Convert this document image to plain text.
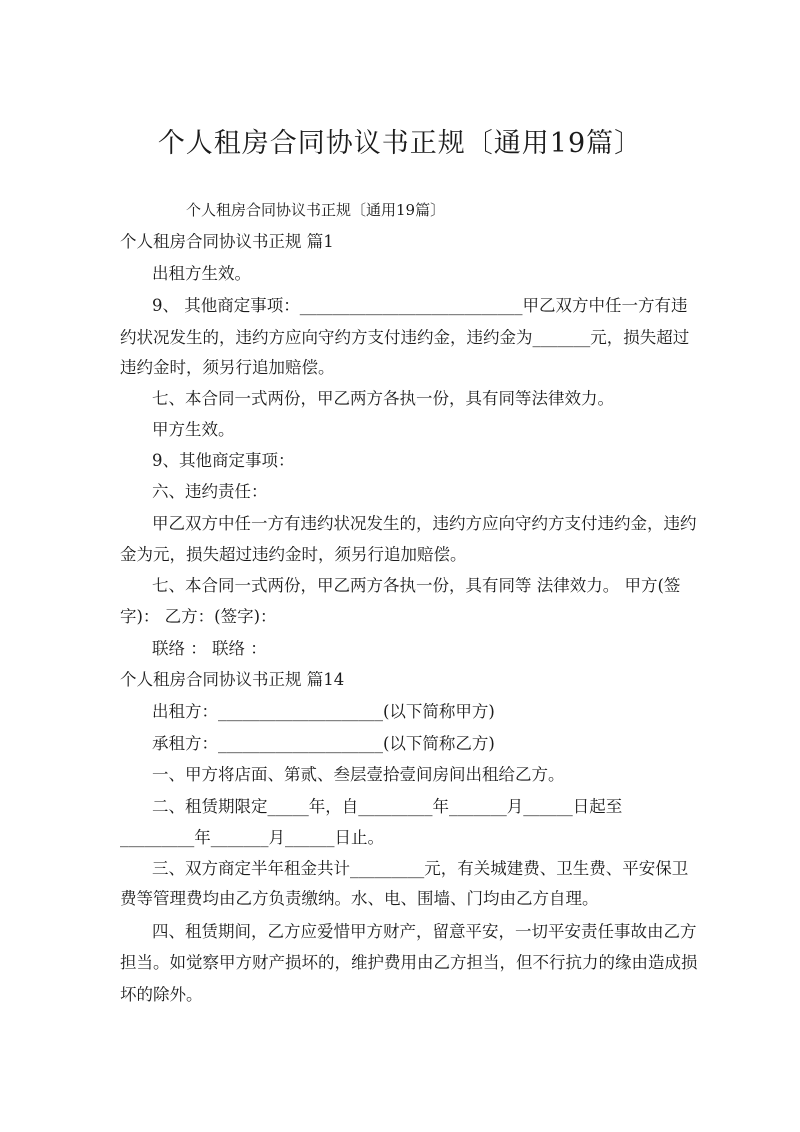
个人租房合同协议书正规〔通用19篇〕
个人租房合同协议书正规〔通用19篇〕
个人租房合同协议书正规 篇1
出租方生效。
9、 其他商定事项：___________________________甲乙双方中任一方有违
约状况发生的，违约方应向守约方支付违约金，违约金为_______元，损失超过
违约金时，须另行追加赔偿。
七、本合同一式两份，甲乙两方各执一份，具有同等法律效力。
甲方生效。
9、其他商定事项：
六、违约责任：
甲乙双方中任一方有违约状况发生的，违约方应向守约方支付违约金，违约
金为元，损失超过违约金时，须另行追加赔偿。
七、本合同一式两份，甲乙两方各执一份，具有同等 法律效力。 甲方(签
字)： 乙方：(签字)：
联络 ： 联络 ：
个人租房合同协议书正规 篇14
出租方：____________________(以下简称甲方)
承租方：____________________(以下简称乙方)
一、甲方将店面、第贰、叁层壹拾壹间房间出租给乙方。
二、租赁期限定_____年，自_________年_______月______日起至
_________年_______月______日止。
三、双方商定半年租金共计_________元，有关城建费、卫生费、平安保卫
费等管理费均由乙方负责缴纳。水、电、围墙、门均由乙方自理。
四、租赁期间，乙方应爱惜甲方财产，留意平安，一切平安责任事故由乙方
担当。如觉察甲方财产损坏的，维护费用由乙方担当，但不行抗力的缘由造成损
坏的除外。
